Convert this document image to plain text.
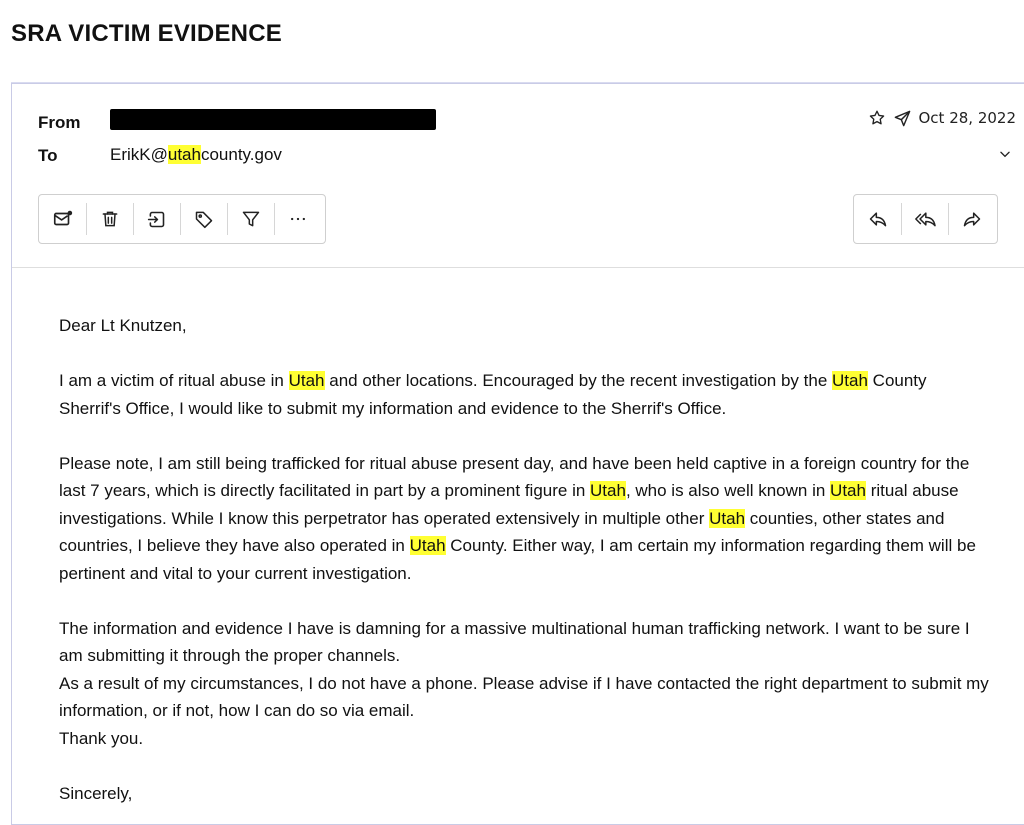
SRA VICTIM EVIDENCE
From
To	ErikK@utahcounty.gov
Oct 28, 2022

Dear Lt Knutzen,

I am a victim of ritual abuse in Utah and other locations. Encouraged by the recent investigation by the Utah County Sherrif's Office, I would like to submit my information and evidence to the Sherrif's Office.

Please note, I am still being trafficked for ritual abuse present day, and have been held captive in a foreign country for the last 7 years, which is directly facilitated in part by a prominent figure in Utah, who is also well known in Utah ritual abuse investigations. While I know this perpetrator has operated extensively in multiple other Utah counties, other states and countries, I believe they have also operated in Utah County. Either way, I am certain my information regarding them will be pertinent and vital to your current investigation.

The information and evidence I have is damning for a massive multinational human trafficking network. I want to be sure I am submitting it through the proper channels.

As a result of my circumstances, I do not have a phone. Please advise if I have contacted the right department to submit my information, or if not, how I can do so via email.

Thank you.

Sincerely,
